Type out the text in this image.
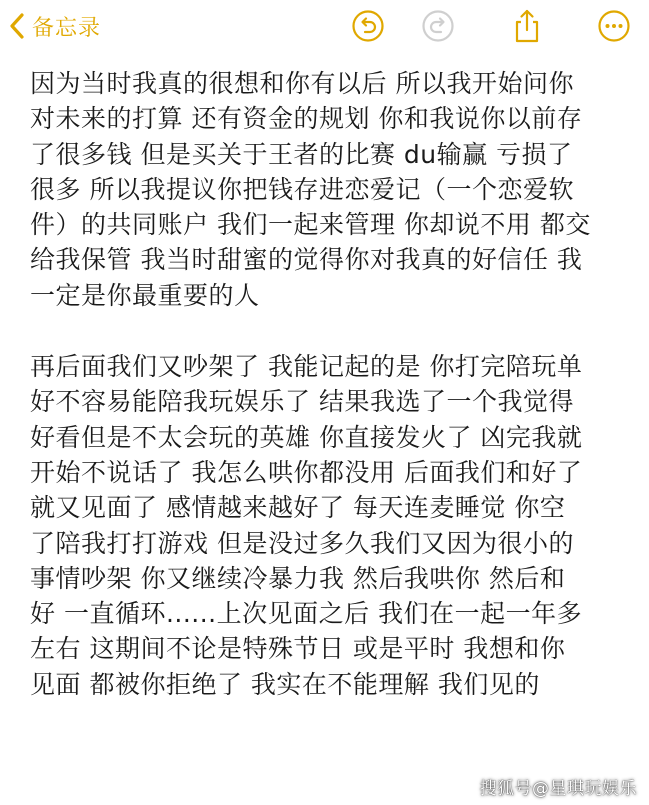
备忘录
因为当时我真的很想和你有以后 所以我开始问你
对未来的打算 还有资金的规划 你和我说你以前存
了很多钱 但是买关于王者的比赛 du输赢 亏损了
很多 所以我提议你把钱存进恋爱记（一个恋爱软
件）的共同账户 我们一起来管理 你却说不用 都交
给我保管 我当时甜蜜的觉得你对我真的好信任 我
一定是你最重要的人
再后面我们又吵架了 我能记起的是 你打完陪玩单
好不容易能陪我玩娱乐了 结果我选了一个我觉得
好看但是不太会玩的英雄 你直接发火了 凶完我就
开始不说话了 我怎么哄你都没用 后面我们和好了
就又见面了 感情越来越好了 每天连麦睡觉 你空
了陪我打打游戏 但是没过多久我们又因为很小的
事情吵架 你又继续冷暴力我 然后我哄你 然后和
好 一直循环......上次见面之后 我们在一起一年多
左右 这期间不论是特殊节日 或是平时 我想和你
见面 都被你拒绝了 我实在不能理解 我们见的
搜狐号@星琪玩娱乐
